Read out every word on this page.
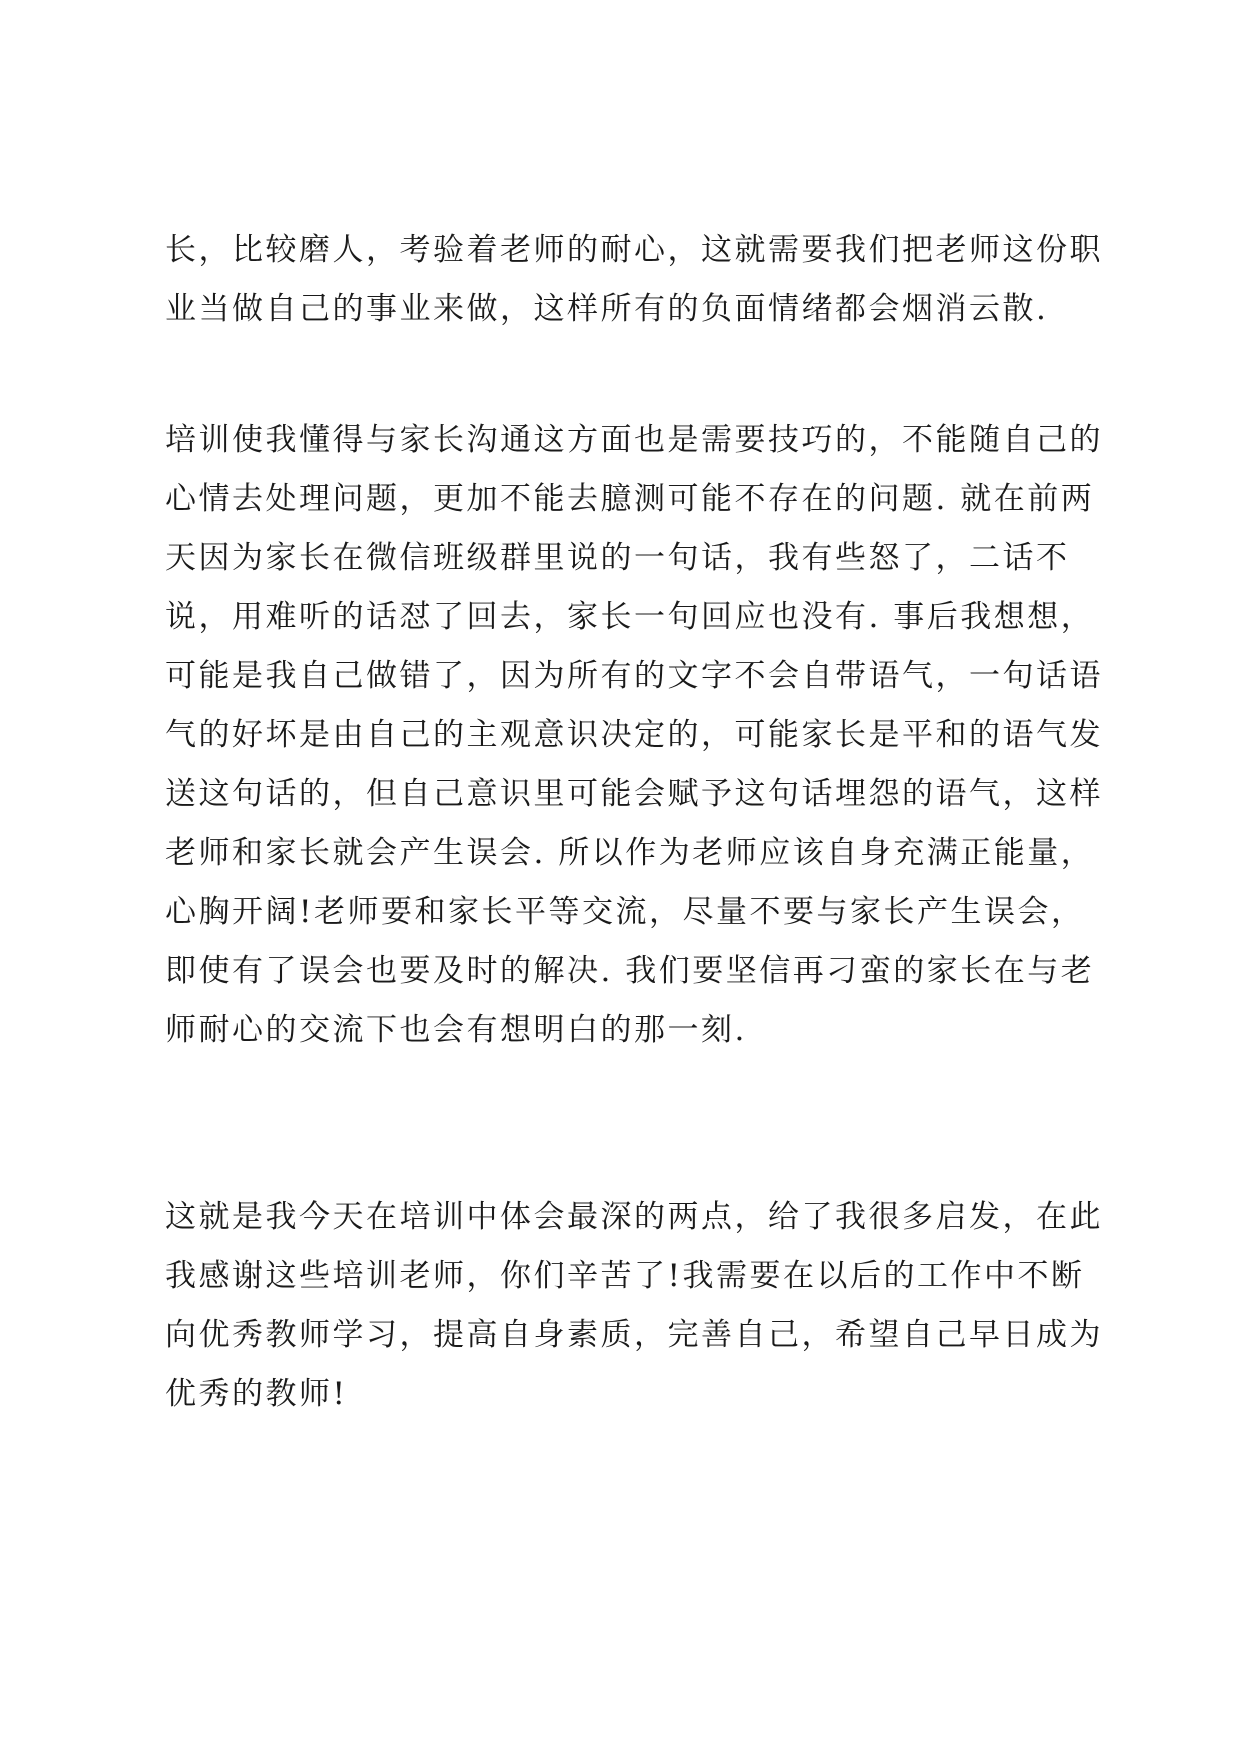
长，比较磨人，考验着老师的耐心，这就需要我们把老师这份职
业当做自己的事业来做，这样所有的负面情绪都会烟消云散.
培训使我懂得与家长沟通这方面也是需要技巧的，不能随自己的
心情去处理问题，更加不能去臆测可能不存在的问题. 就在前两
天因为家长在微信班级群里说的一句话，我有些怒了，二话不
说，用难听的话怼了回去，家长一句回应也没有. 事后我想想，
可能是我自己做错了，因为所有的文字不会自带语气，一句话语
气的好坏是由自己的主观意识决定的，可能家长是平和的语气发
送这句话的，但自己意识里可能会赋予这句话埋怨的语气，这样
老师和家长就会产生误会. 所以作为老师应该自身充满正能量，
心胸开阔!老师要和家长平等交流，尽量不要与家长产生误会，
即使有了误会也要及时的解决. 我们要坚信再刁蛮的家长在与老
师耐心的交流下也会有想明白的那一刻.
这就是我今天在培训中体会最深的两点，给了我很多启发，在此
我感谢这些培训老师，你们辛苦了!我需要在以后的工作中不断
向优秀教师学习，提高自身素质，完善自己，希望自己早日成为
优秀的教师!
